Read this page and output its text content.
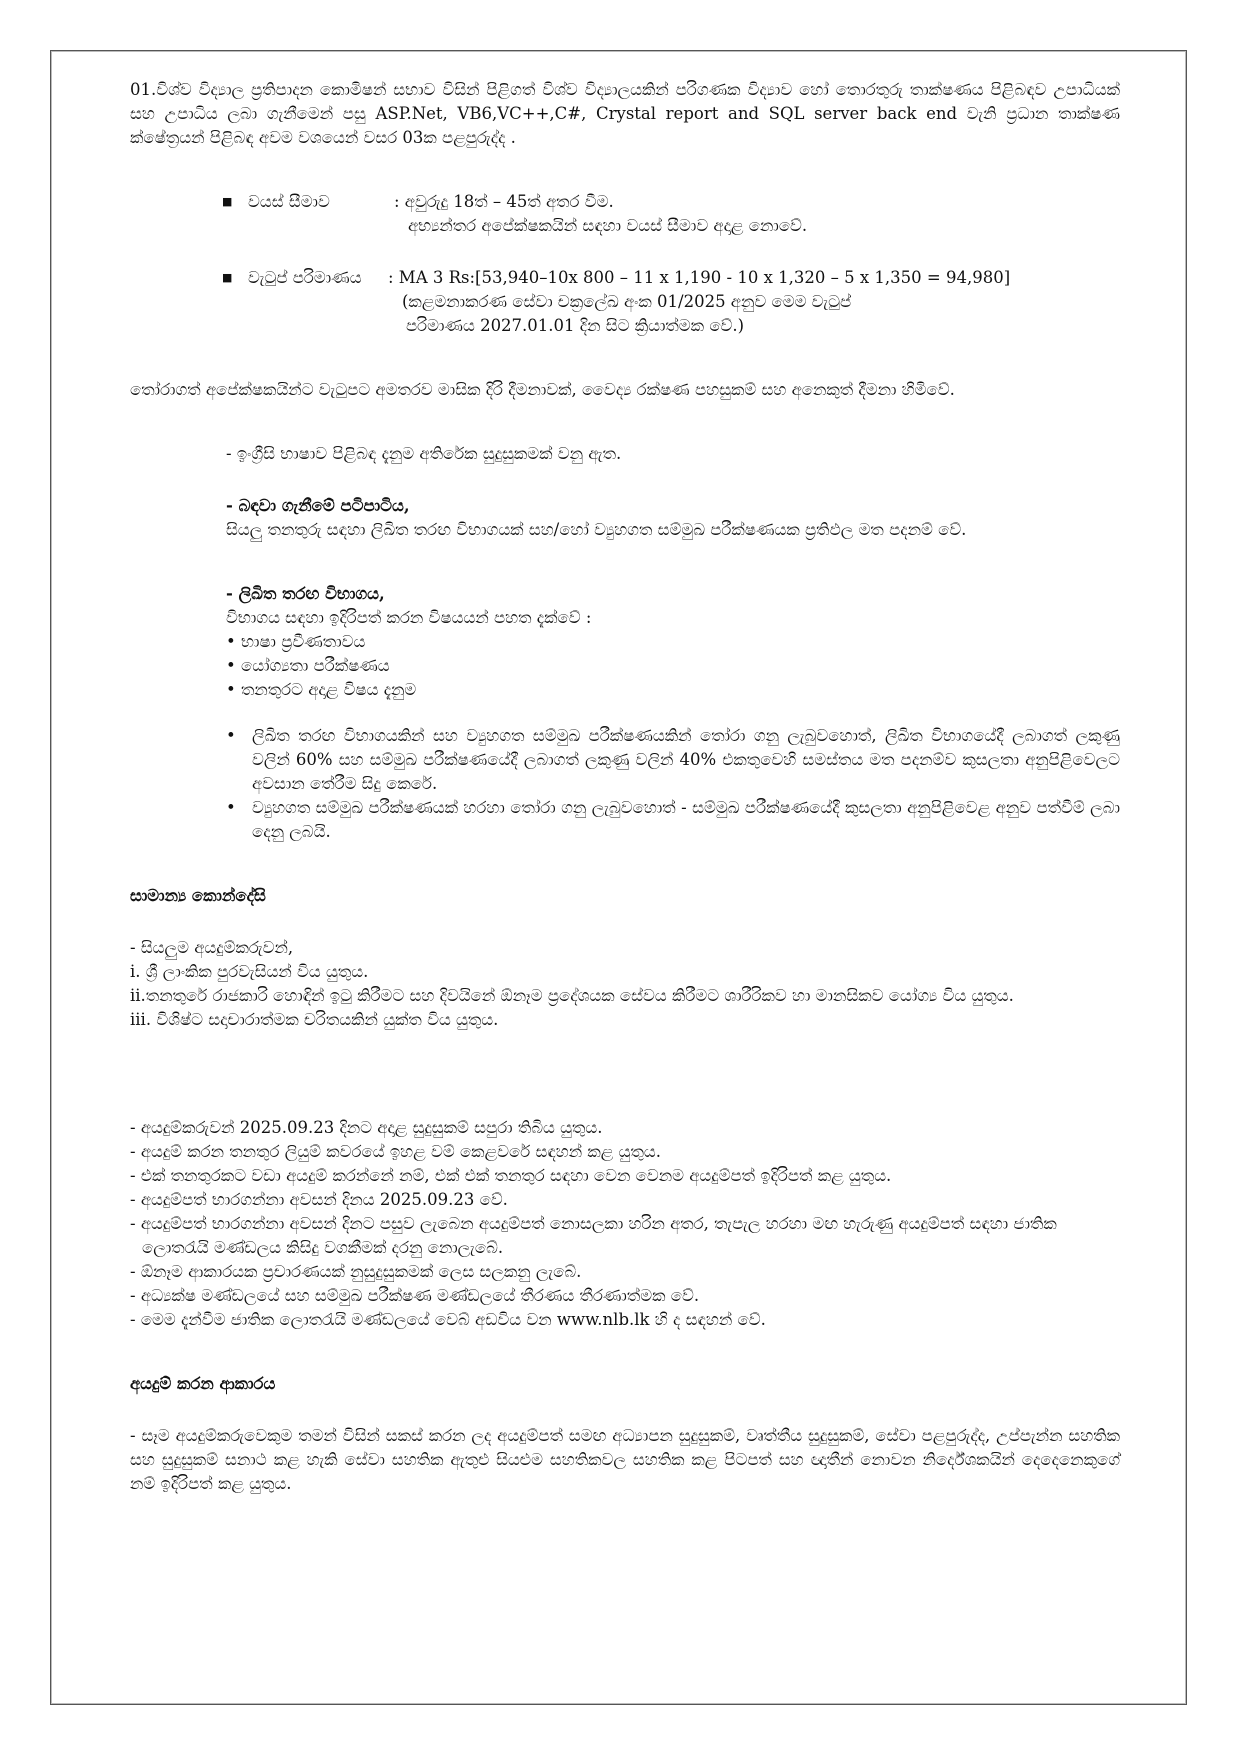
01.විශ්ව විද්‍යාල ප්‍රතිපාදන කොමිෂන් සභාව විසින් පිළිගත් විශ්ව විද්‍යාලයකින් පරිගණක විද්‍යාව හෝ තොරතුරු තාක්ෂණය පිළිබඳව උපාධියක් සහ උපාධිය ලබා ගැනීමෙන් පසු ASP.Net, VB6,VC++,C#, Crystal report and SQL server back end වැනි ප්‍රධාන තාක්ෂණ ක්ෂේත්‍රයන් පිළිබඳ අවම වශයෙන් වසර 03ක පළපුරුද්ද .

■ වයස් සීමාව	: අවුරුදු 18ත් – 45ත් අතර වීම.

අභ්‍යන්තර අපේක්ෂකයින් සඳහා වයස් සීමාව අදාළ නොවේ.

■ වැටුප් පරිමාණය	: MA 3 Rs:[53,940–10x 800 – 11 x 1,190 - 10 x 1,320 – 5 x 1,350 = 94,980]

(කළමනාකරණ සේවා චක්‍රලේඛ අංක 01/2025 අනුව මෙම වැටුප්

පරිමාණය 2027.01.01 දින සිට ක්‍රියාත්මක වේ.)

තෝරාගත් අපේක්ෂකයින්ට වැටුපට අමතරව මාසික දිරි දීමනාවක්, වෛද්‍ය රක්ෂණ පහසුකම් සහ අනෙකුත් දීමනා හිමිවේ.

- ඉංග්‍රීසි භාෂාව පිළිබඳ දැනුම අතිරේක සුදුසුකමක් වනු ඇත.

- බඳවා ගැනීමේ පටිපාටිය,

සියලු තනතුරු සඳහා ලිඛිත තරඟ විභාගයක් සහ/හෝ ව්‍යුහගත සම්මුඛ පරීක්ෂණයක ප්‍රතිඵල මත පදනම් වේ.

- ලිඛිත තරඟ විභාගය,

විභාගය සඳහා ඉදිරිපත් කරන විෂයයන් පහත දැක්වේ :

• භාෂා ප්‍රවීණතාවය

• යෝග්‍යතා පරීක්ෂණය

• තනතුරට අදාළ විෂය දැනුම

• ලිඛිත තරඟ විභාගයකින් සහ ව්‍යුහගත සම්මුඛ පරීක්ෂණයකින් තෝරා ගනු ලැබුවහොත්, ලිඛිත විභාගයේදී ලබාගත් ලකුණු වලින් 60% සහ සම්මුඛ පරීක්ෂණයේදී ලබාගත් ලකුණු වලින් 40% එකතුවෙහි සමස්තය මත පදනම්ව කුසලතා අනුපිළිවෙලට අවසාන තේරීම සිදු කෙරේ.

• ව්‍යුහගත සම්මුඛ පරීක්ෂණයක් හරහා තෝරා ගනු ලැබුවහොත් - සම්මුඛ පරීක්ෂණයේදී කුසලතා අනුපිළිවෙළ අනුව පත්වීම් ලබා දෙනු ලබයි.

සාමාන්‍ය කොන්දේසි

- සියලුම අයදුම්කරුවන්,

i. ශ්‍රී ලාංකික පුරවැසියන් විය යුතුය.

ii.තනතුරේ රාජකාරි හොඳින් ඉටු කිරීමට සහ දිවයිනේ ඕනෑම ප්‍රදේශයක සේවය කිරීමට ශාරීරිකව හා මානසිකව යෝග්‍ය විය යුතුය.

iii. විශිෂ්ට සදාචාරාත්මක චරිතයකින් යුක්ත විය යුතුය.

- අයදුම්කරුවන් 2025.09.23 දිනට අදාළ සුදුසුකම් සපුරා තිබිය යුතුය.

- අයදුම් කරන තනතුර ලියුම් කවරයේ ඉහළ වම් කෙළවරේ සඳහන් කළ යුතුය.

- එක් තනතුරකට වඩා අයදුම් කරන්නේ නම්, එක් එක් තනතුර සඳහා වෙන වෙනම අයදුම්පත් ඉදිරිපත් කළ යුතුය.

- අයදුම්පත් භාරගන්නා අවසන් දිනය 2025.09.23 වේ.

- අයදුම්පත් භාරගන්නා අවසන් දිනට පසුව ලැබෙන අයදුම්පත් නොසලකා හරින අතර, තැපැල හරහා මඟ හැරුණු අයදුම්පත් සඳහා ජාතික ලොතරැයි මණ්ඩලය කිසිදු වගකීමක් දරනු නොලැබේ.

- ඕනෑම ආකාරයක ප්‍රචාරණයක් නුසුදුසුකමක් ලෙස සලකනු ලැබේ.

- අධ්‍යක්ෂ මණ්ඩලයේ සහ සම්මුඛ පරීක්ෂණ මණ්ඩලයේ තීරණය තීරණාත්මක වේ.

- මෙම දැන්වීම ජාතික ලොතරැයි මණ්ඩලයේ වෙබ් අඩවිය වන www.nlb.lk හි ද සඳහන් වේ.

අයදුම් කරන ආකාරය

- සෑම අයදුම්කරුවෙකුම තමන් විසින් සකස් කරන ලද අයදුම්පත් සමඟ අධ්‍යාපන සුදුසුකම්, වෘත්තීය සුදුසුකම්, සේවා පළපුරුද්ද, උප්පැන්න සහතික සහ සුදුසුකම් සනාථ කළ හැකි සේවා සහතික ඇතුළු සියළුම සහතිකවල සහතික කළ පිටපත් සහ ඥාතීන් නොවන නිර්දේශකයින් දෙදෙනෙකුගේ නම් ඉදිරිපත් කළ යුතුය.
